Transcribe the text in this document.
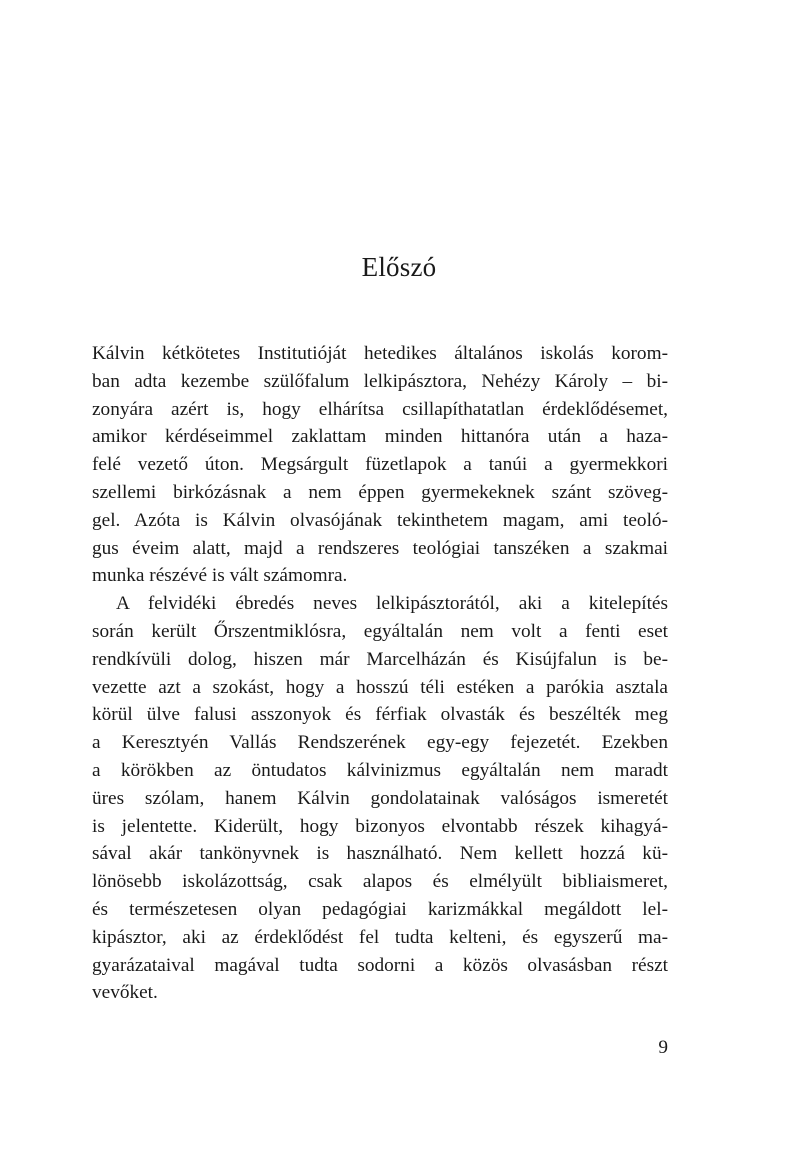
Előszó
Kálvin kétkötetes Institutióját hetedikes általános iskolás korom-
ban adta kezembe szülőfalum lelkipásztora, Nehézy Károly – bi-
zonyára azért is, hogy elhárítsa csillapíthatatlan érdeklődésemet,
amikor kérdéseimmel zaklattam minden hittanóra után a haza-
felé vezető úton. Megsárgult füzetlapok a tanúi a gyermekkori
szellemi birkózásnak a nem éppen gyermekeknek szánt szöveg-
gel. Azóta is Kálvin olvasójának tekinthetem magam, ami teoló-
gus éveim alatt, majd a rendszeres teológiai tanszéken a szakmai
munka részévé is vált számomra.
A felvidéki ébredés neves lelkipásztorától, aki a kitelepítés
során került Őrszentmiklósra, egyáltalán nem volt a fenti eset
rendkívüli dolog, hiszen már Marcelházán és Kisújfalun is be-
vezette azt a szokást, hogy a hosszú téli estéken a parókia asztala
körül ülve falusi asszonyok és férfiak olvasták és beszélték meg
a Keresztyén Vallás Rendszerének egy-egy fejezetét. Ezekben
a körökben az öntudatos kálvinizmus egyáltalán nem maradt
üres szólam, hanem Kálvin gondolatainak valóságos ismeretét
is jelentette. Kiderült, hogy bizonyos elvontabb részek kihagyá-
sával akár tankönyvnek is használható. Nem kellett hozzá kü-
lönösebb iskolázottság, csak alapos és elmélyült bibliaismeret,
és természetesen olyan pedagógiai karizmákkal megáldott lel-
kipásztor, aki az érdeklődést fel tudta kelteni, és egyszerű ma-
gyarázataival magával tudta sodorni a közös olvasásban részt
vevőket.
9
